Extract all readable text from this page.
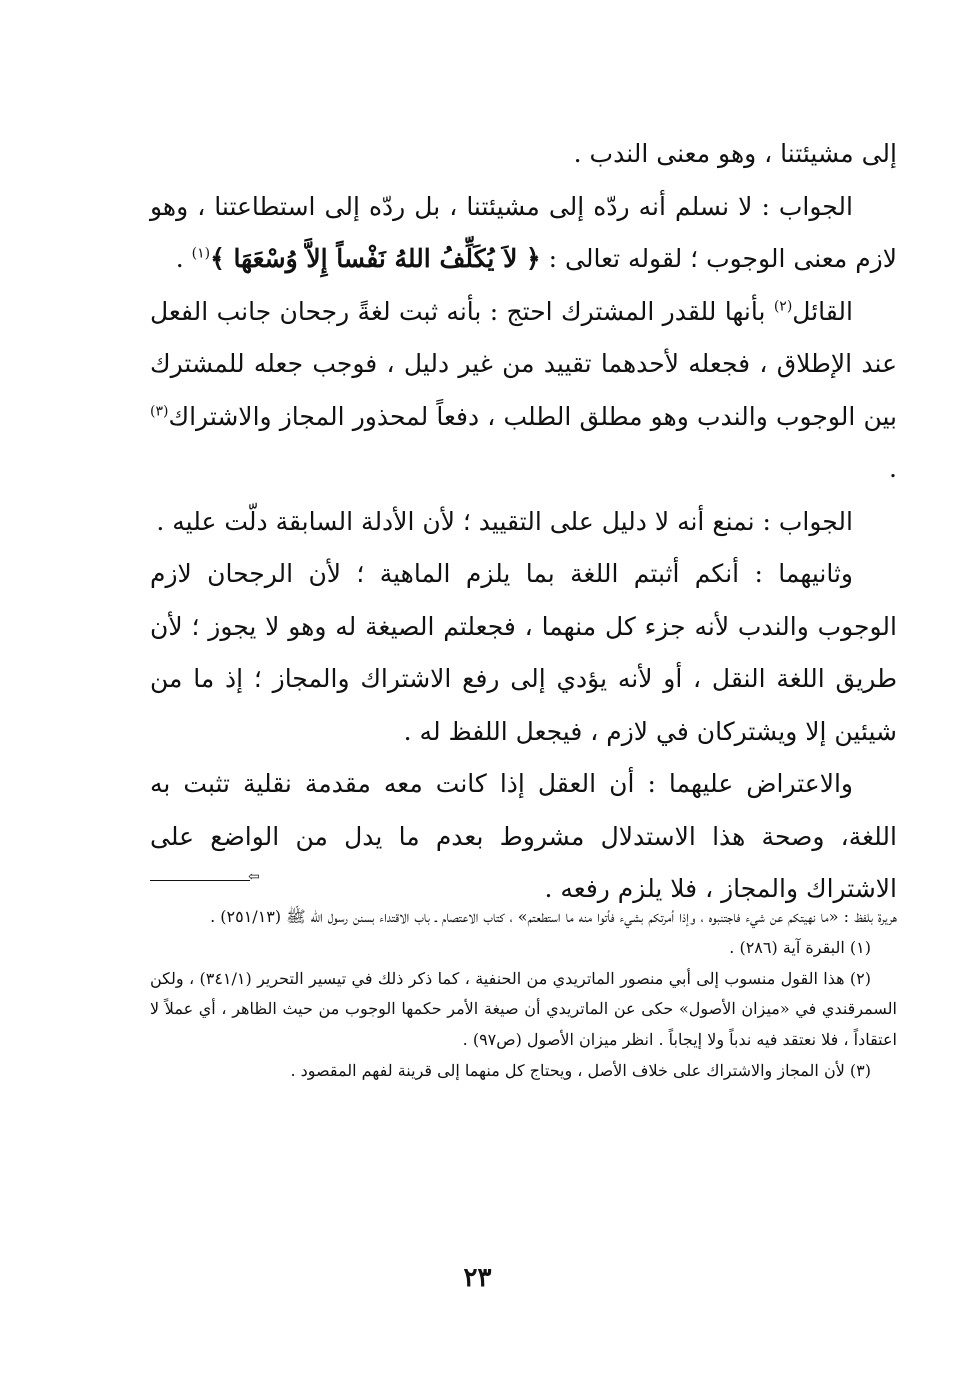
إلى مشيئتنا ، وهو معنى الندب .

الجواب : لا نسلم أنه ردّه إلى مشيئتنا ، بل ردّه إلى استطاعتنا ، وهو لازم معنى الوجوب ؛ لقوله تعالى : ﴿ لاَ يُكَلِّفُ اللهُ نَفْساً إِلاَّ وُسْعَهَا ﴾$^{(١)}$ .

القائل$^{(٢)}$ بأنها للقدر المشترك احتج : بأنه ثبت لغةً رجحان جانب الفعل عند الإطلاق ، فجعله لأحدهما تقييد من غير دليل ، فوجب جعله للمشترك بين الوجوب والندب وهو مطلق الطلب ، دفعاً لمحذور المجاز والاشتراك$^{(٣)}$ .

الجواب : نمنع أنه لا دليل على التقييد ؛ لأن الأدلة السابقة دلّت عليه .

وثانيهما : أنكم أثبتم اللغة بما يلزم الماهية ؛ لأن الرجحان لازم الوجوب والندب لأنه جزء كل منهما ، فجعلتم الصيغة له وهو لا يجوز ؛ لأن طريق اللغة النقل ، أو لأنه يؤدي إلى رفع الاشتراك والمجاز ؛ إذ ما من شيئين إلا ويشتركان في لازم ، فيجعل اللفظ له .

والاعتراض عليهما : أن العقل إذا كانت معه مقدمة نقلية تثبت به اللغة، وصحة هذا الاستدلال مشروط بعدم ما يدل من الواضع على الاشتراك والمجاز ، فلا يلزم رفعه .

⇦

هريرة بلفظ : «ما نهيتكم عن شيء فاجتنبوه ، وإذا أمرتكم بشيء فأتوا منه ما استطعتم» ، كتاب الاعتصام ـ باب الاقتداء بسنن رسول الله ﷺ (٢٥١/١٣) .

(١) البقرة آية (٢٨٦) .

(٢) هذا القول منسوب إلى أبي منصور الماتريدي من الحنفية ، كما ذكر ذلك في تيسير التحرير (٣٤١/١) ، ولكن السمرقندي في «ميزان الأصول» حكى عن الماتريدي أن صيغة الأمر حكمها الوجوب من حيث الظاهر ، أي عملاً لا اعتقاداً ، فلا نعتقد فيه ندباً ولا إيجاباً . انظر ميزان الأصول (ص٩٧) .

(٣) لأن المجاز والاشتراك على خلاف الأصل ، ويحتاج كل منهما إلى قرينة لفهم المقصود .

٢٣
